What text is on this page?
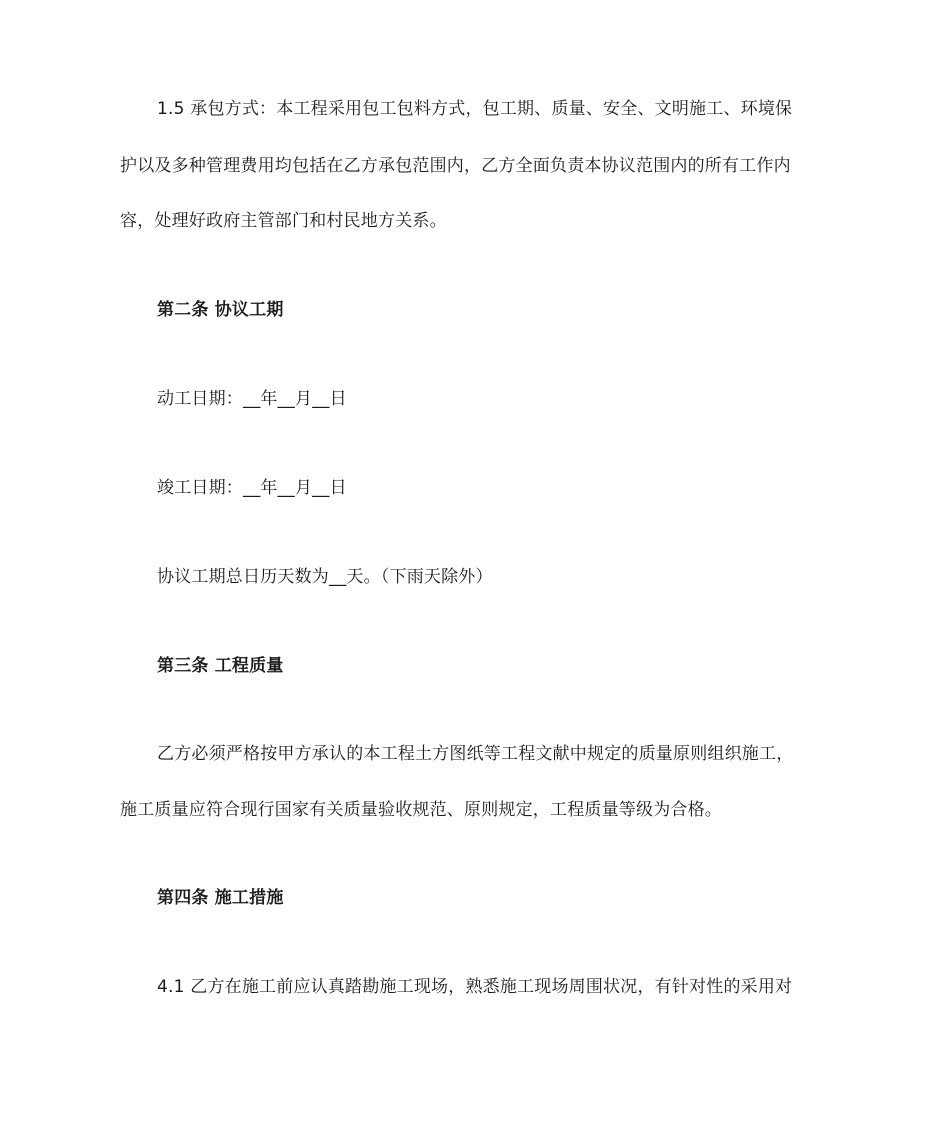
1.5 承包方式：本工程采用包工包料方式，包工期、质量、安全、文明施工、环境保
护以及多种管理费用均包括在乙方承包范围内，乙方全面负责本协议范围内的所有工作内
容，处理好政府主管部门和村民地方关系。
第二条 协议工期
动工日期：__年__月__日
竣工日期：__年__月__日
协议工期总日历天数为__天。（下雨天除外）
第三条 工程质量
乙方必须严格按甲方承认的本工程土方图纸等工程文献中规定的质量原则组织施工，
施工质量应符合现行国家有关质量验收规范、原则规定，工程质量等级为合格。
第四条 施工措施
4.1 乙方在施工前应认真踏勘施工现场，熟悉施工现场周围状况，有针对性的采用对
